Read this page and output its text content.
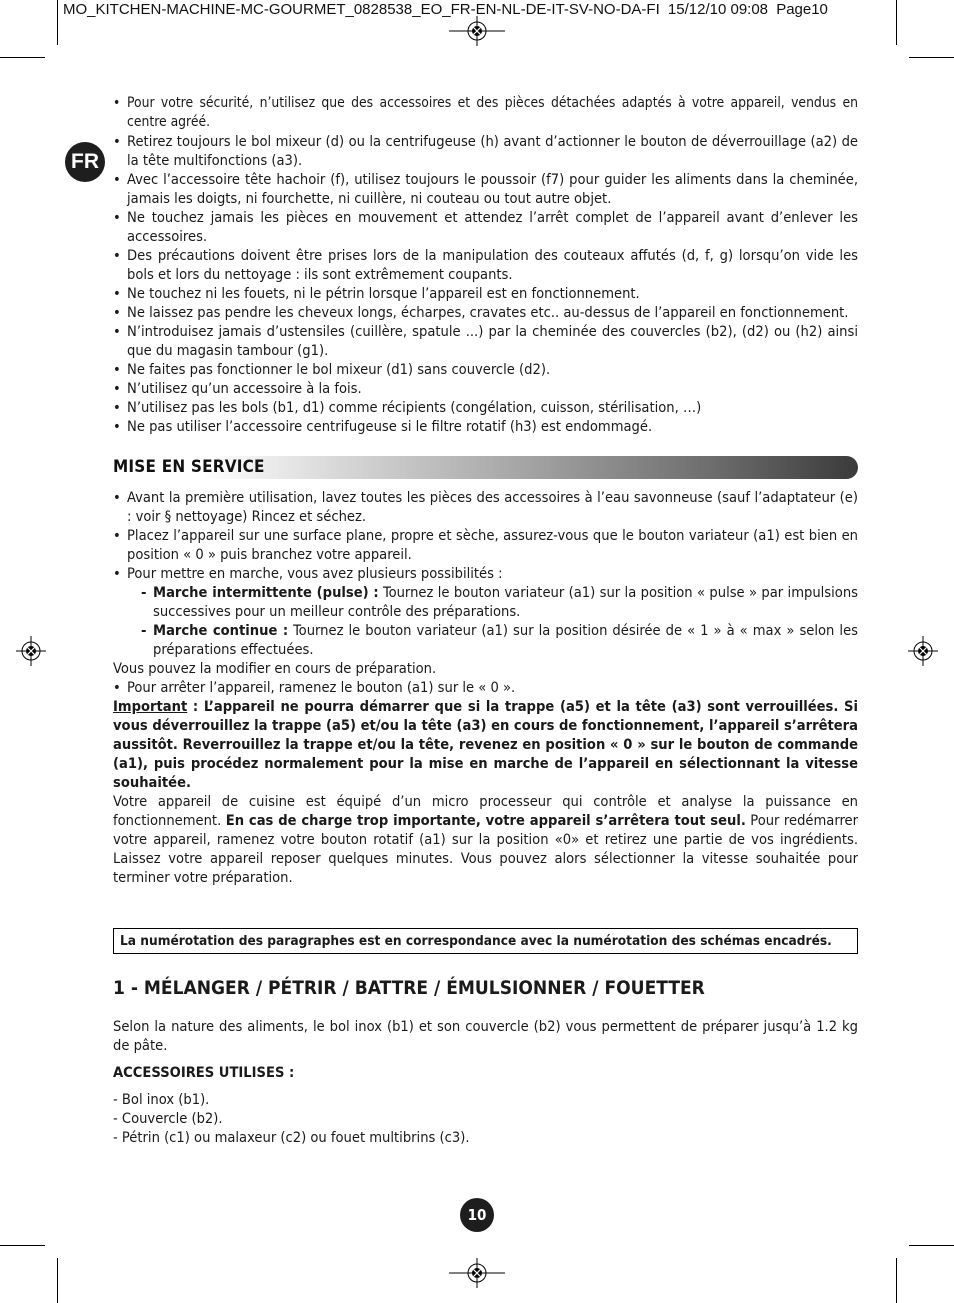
MO_KITCHEN-MACHINE-MC-GOURMET_0828538_EO_FR-EN-NL-DE-IT-SV-NO-DA-FI 15/12/10 09:08 Page10
FR
• Pour votre sécurité, n’utilisez que des accessoires et des pièces détachées adaptés à votre appareil, vendus en centre agréé.
• Retirez toujours le bol mixeur (d) ou la centrifugeuse (h) avant d’actionner le bouton de déverrouillage (a2) de la tête multifonctions (a3).
• Avec l’accessoire tête hachoir (f), utilisez toujours le poussoir (f7) pour guider les aliments dans la cheminée, jamais les doigts, ni fourchette, ni cuillère, ni couteau ou tout autre objet.
• Ne touchez jamais les pièces en mouvement et attendez l’arrêt complet de l’appareil avant d’enlever les accessoires.
• Des précautions doivent être prises lors de la manipulation des couteaux affutés (d, f, g) lorsqu’on vide les bols et lors du nettoyage : ils sont extrêmement coupants.
• Ne touchez ni les fouets, ni le pétrin lorsque l’appareil est en fonctionnement.
• Ne laissez pas pendre les cheveux longs, écharpes, cravates etc.. au-dessus de l’appareil en fonctionnement.
• N’introduisez jamais d’ustensiles (cuillère, spatule ...) par la cheminée des couvercles (b2), (d2) ou (h2) ainsi que du magasin tambour (g1).
• Ne faites pas fonctionner le bol mixeur (d1) sans couvercle (d2).
• N’utilisez qu’un accessoire à la fois.
• N’utilisez pas les bols (b1, d1) comme récipients (congélation, cuisson, stérilisation, …)
• Ne pas utiliser l’accessoire centrifugeuse si le filtre rotatif (h3) est endommagé.
MISE EN SERVICE
• Avant la première utilisation, lavez toutes les pièces des accessoires à l’eau savonneuse (sauf l’adaptateur (e) : voir § nettoyage) Rincez et séchez.
• Placez l’appareil sur une surface plane, propre et sèche, assurez-vous que le bouton variateur (a1) est bien en position « 0 » puis branchez votre appareil.
• Pour mettre en marche, vous avez plusieurs possibilités :
- Marche intermittente (pulse) : Tournez le bouton variateur (a1) sur la position « pulse » par impulsions successives pour un meilleur contrôle des préparations.
- Marche continue : Tournez le bouton variateur (a1) sur la position désirée de « 1 » à « max » selon les préparations effectuées.
Vous pouvez la modifier en cours de préparation.
• Pour arrêter l’appareil, ramenez le bouton (a1) sur le « 0 ».
Important : L’appareil ne pourra démarrer que si la trappe (a5) et la tête (a3) sont verrouillées. Si vous déverrouillez la trappe (a5) et/ou la tête (a3) en cours de fonctionnement, l’appareil s’arrêtera aussitôt. Reverrouillez la trappe et/ou la tête, revenez en position « 0 » sur le bouton de commande (a1), puis procédez normalement pour la mise en marche de l’appareil en sélectionnant la vitesse souhaitée.
Votre appareil de cuisine est équipé d’un micro processeur qui contrôle et analyse la puissance en fonctionnement. En cas de charge trop importante, votre appareil s’arrêtera tout seul. Pour redémarrer votre appareil, ramenez votre bouton rotatif (a1) sur la position «0» et retirez une partie de vos ingrédients. Laissez votre appareil reposer quelques minutes. Vous pouvez alors sélectionner la vitesse souhaitée pour terminer votre préparation.
La numérotation des paragraphes est en correspondance avec la numérotation des schémas encadrés.
1 - MÉLANGER / PÉTRIR / BATTRE / ÉMULSIONNER / FOUETTER
Selon la nature des aliments, le bol inox (b1) et son couvercle (b2) vous permettent de préparer jusqu’à 1.2 kg de pâte.
ACCESSOIRES UTILISES :
- Bol inox (b1).
- Couvercle (b2).
- Pétrin (c1) ou malaxeur (c2) ou fouet multibrins (c3).
10
